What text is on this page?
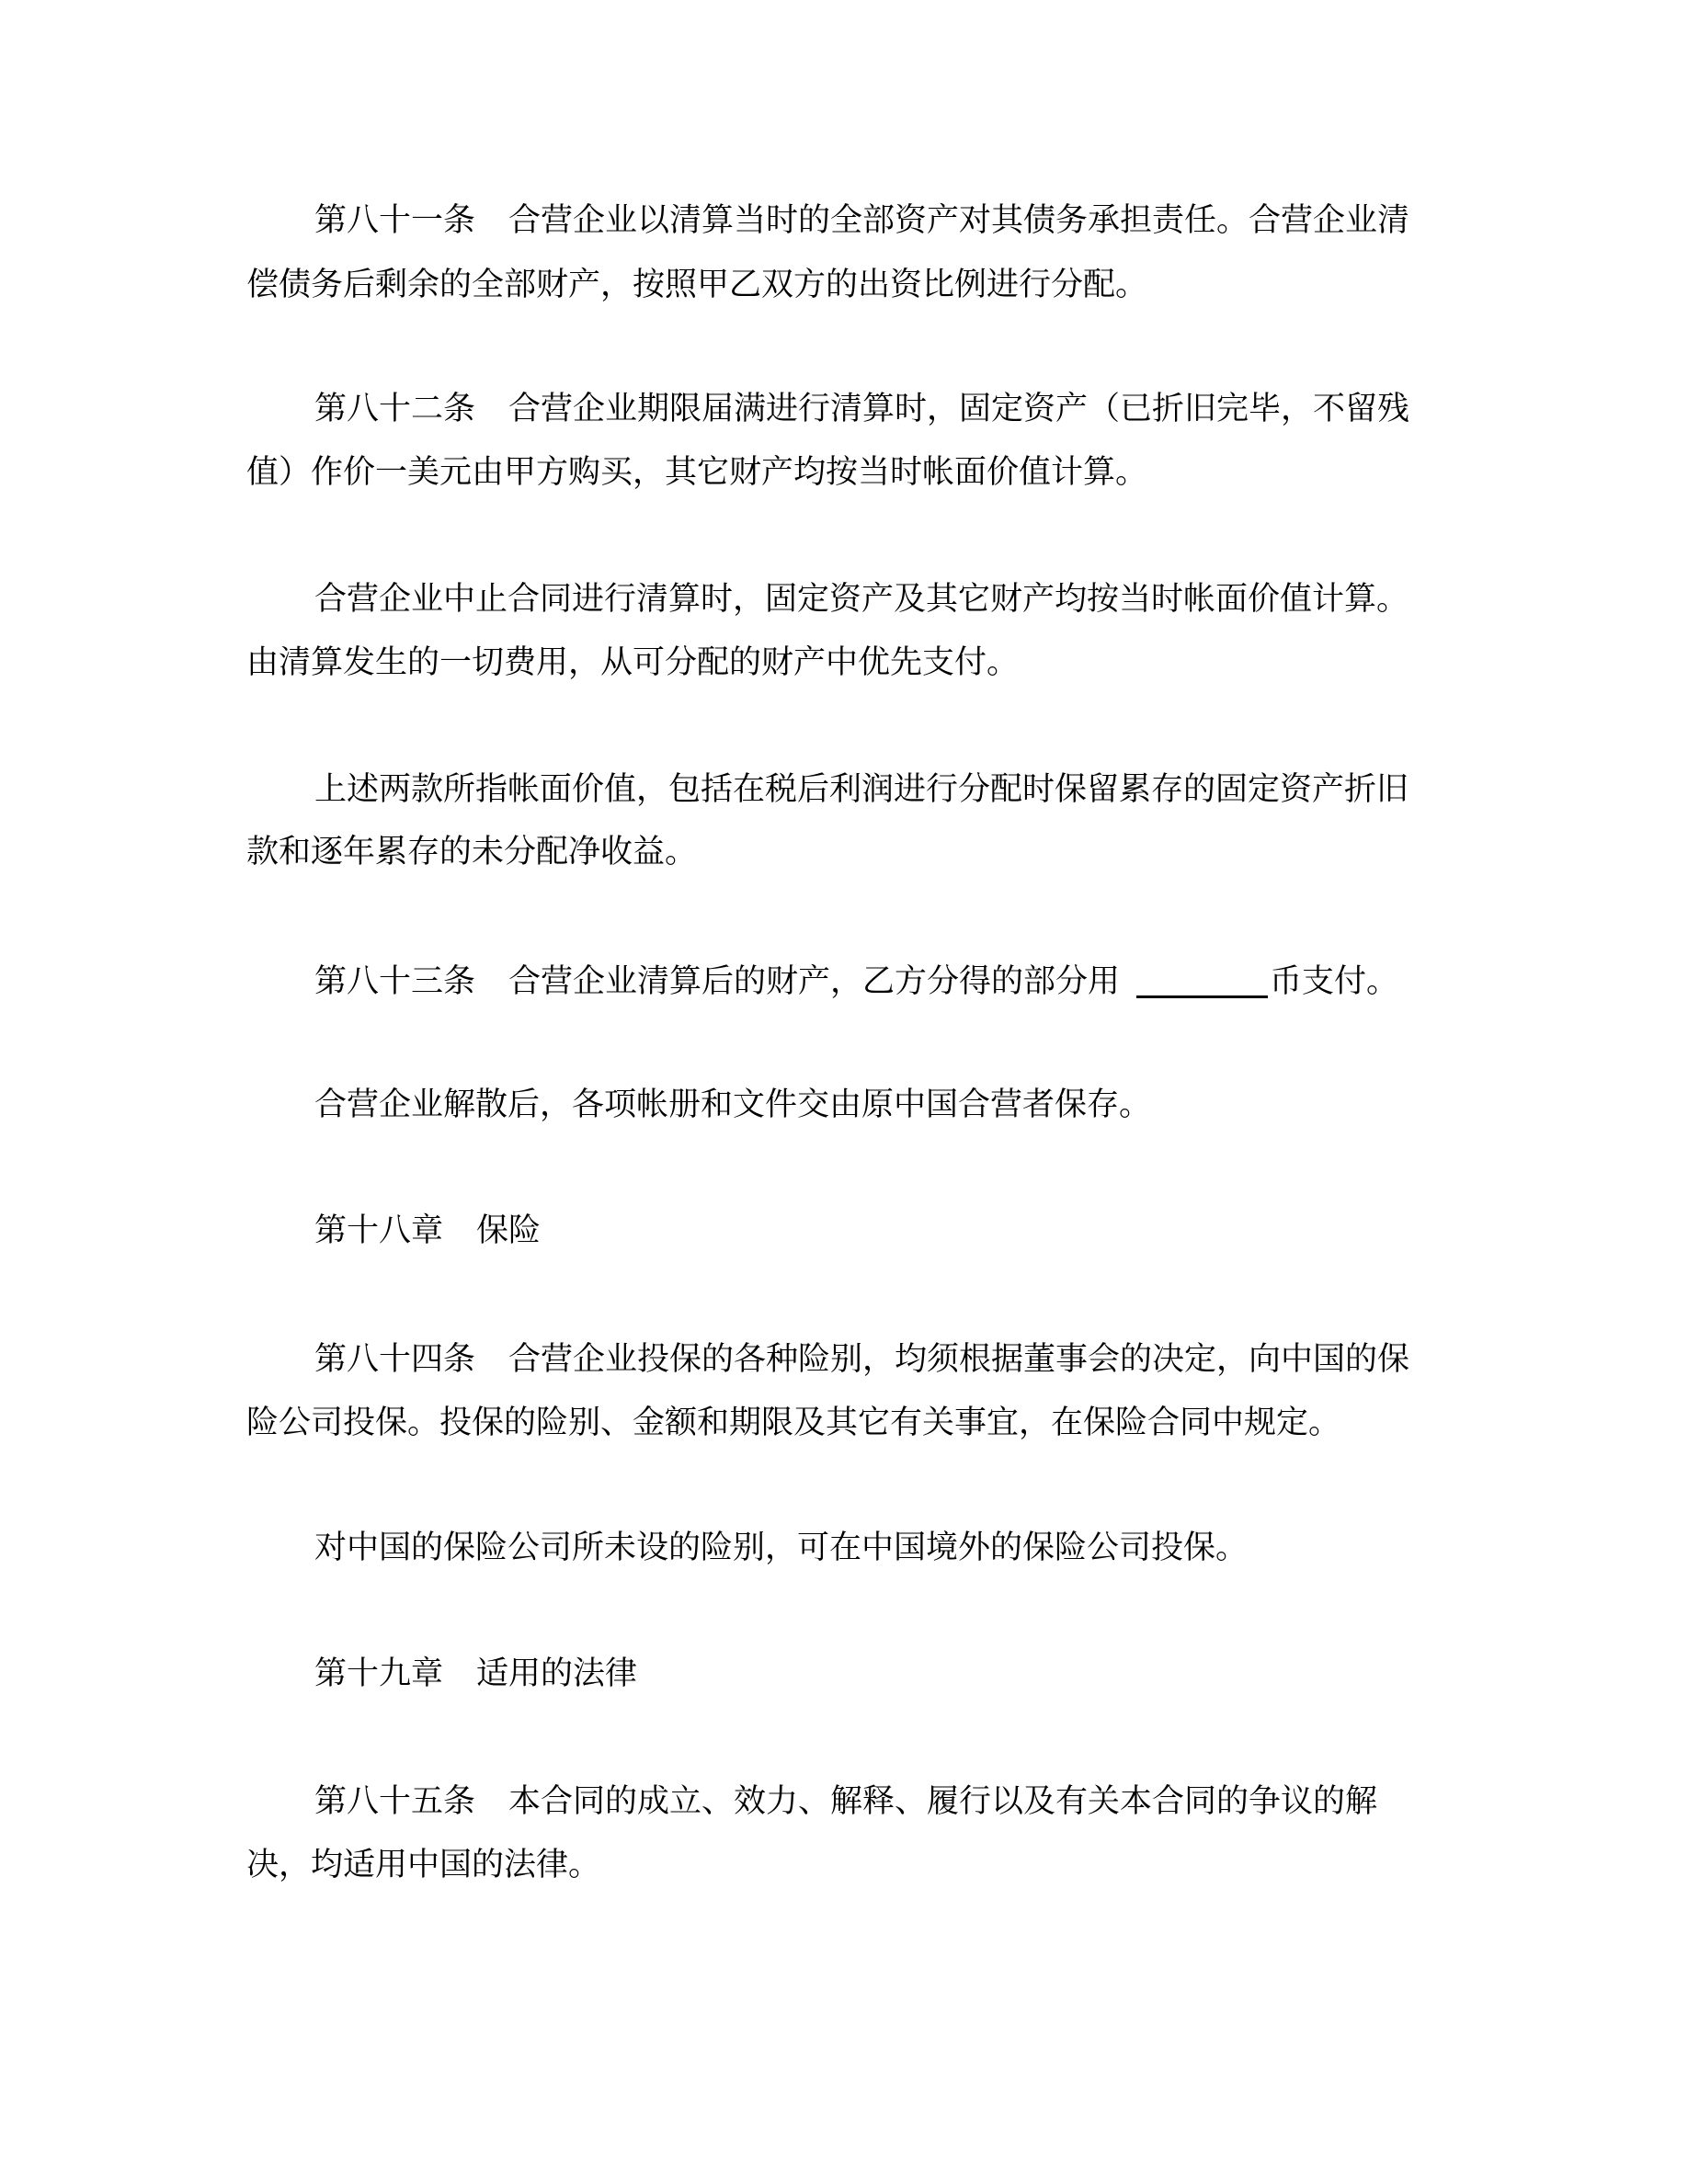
第八十一条 合营企业以清算当时的全部资产对其债务承担责任。合营企业清
偿债务后剩余的全部财产，按照甲乙双方的出资比例进行分配。
第八十二条 合营企业期限届满进行清算时，固定资产（已折旧完毕，不留残
值）作价一美元由甲方购买，其它财产均按当时帐面价值计算。
合营企业中止合同进行清算时，固定资产及其它财产均按当时帐面价值计算。
由清算发生的一切费用，从可分配的财产中优先支付。
上述两款所指帐面价值，包括在税后利润进行分配时保留累存的固定资产折旧
款和逐年累存的未分配净收益。
第八十三条 合营企业清算后的财产，乙方分得的部分用	币支付。
合营企业解散后，各项帐册和文件交由原中国合营者保存。
第十八章 保险
第八十四条 合营企业投保的各种险别，均须根据董事会的决定，向中国的保
险公司投保。投保的险别、金额和期限及其它有关事宜，在保险合同中规定。
对中国的保险公司所未设的险别，可在中国境外的保险公司投保。
第十九章 适用的法律
第八十五条 本合同的成立、效力、解释、履行以及有关本合同的争议的解
决，均适用中国的法律。
